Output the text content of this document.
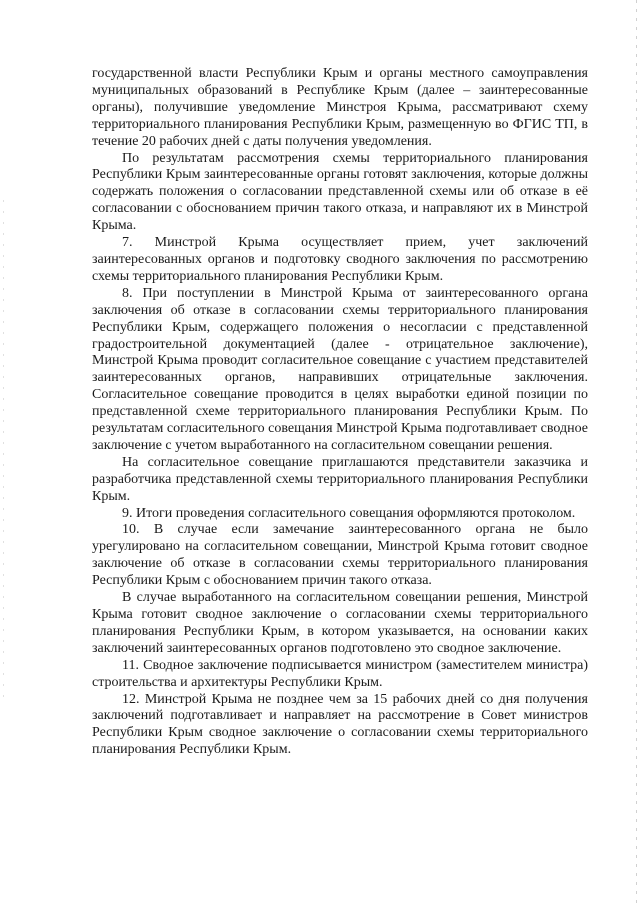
государственной власти Республики Крым и органы местного самоуправления муниципальных образований в Республике Крым (далее – заинтересованные органы), получившие уведомление Минстроя Крыма, рассматривают схему территориального планирования Республики Крым, размещенную во ФГИС ТП, в течение 20 рабочих дней с даты получения уведомления.

По результатам рассмотрения схемы территориального планирования Республики Крым заинтересованные органы готовят заключения, которые должны содержать положения о согласовании представленной схемы или об отказе в её согласовании с обоснованием причин такого отказа, и направляют их в Минстрой Крыма.

7. Минстрой Крыма осуществляет прием, учет заключений заинтересованных органов и подготовку сводного заключения по рассмотрению схемы территориального планирования Республики Крым.

8. При поступлении в Минстрой Крыма от заинтересованного органа заключения об отказе в согласовании схемы территориального планирования Республики Крым, содержащего положения о несогласии с представленной градостроительной документацией (далее - отрицательное заключение), Минстрой Крыма проводит согласительное совещание с участием представителей заинтересованных органов, направивших отрицательные заключения. Согласительное совещание проводится в целях выработки единой позиции по представленной схеме территориального планирования Республики Крым. По результатам согласительного совещания Минстрой Крыма подготавливает сводное заключение с учетом выработанного на согласительном совещании решения.

На согласительное совещание приглашаются представители заказчика и разработчика представленной схемы территориального планирования Республики Крым.

9. Итоги проведения согласительного совещания оформляются протоколом.

10. В случае если замечание заинтересованного органа не было урегулировано на согласительном совещании, Минстрой Крыма готовит сводное заключение об отказе в согласовании схемы территориального планирования Республики Крым с обоснованием причин такого отказа.

В случае выработанного на согласительном совещании решения, Минстрой Крыма готовит сводное заключение о согласовании схемы территориального планирования Республики Крым, в котором указывается, на основании каких заключений заинтересованных органов подготовлено это сводное заключение.

11. Сводное заключение подписывается министром (заместителем министра) строительства и архитектуры Республики Крым.

12. Минстрой Крыма не позднее чем за 15 рабочих дней со дня получения заключений подготавливает и направляет на рассмотрение в Совет министров Республики Крым сводное заключение о согласовании схемы территориального планирования Республики Крым.
